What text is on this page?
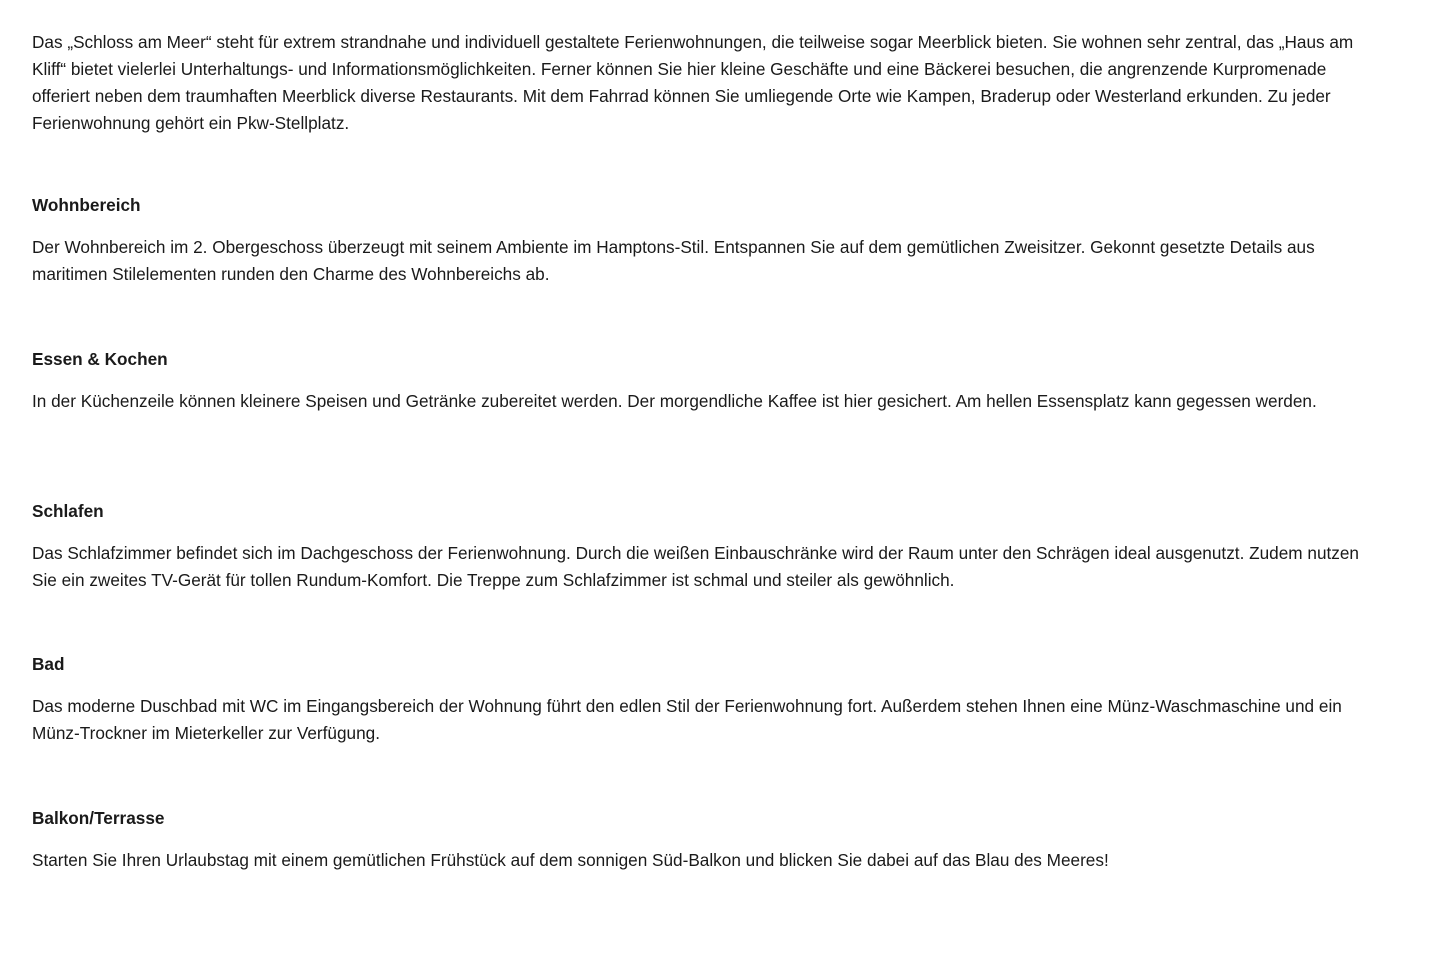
Das „Schloss am Meer“ steht für extrem strandnahe und individuell gestaltete Ferienwohnungen, die teilweise sogar Meerblick bieten. Sie wohnen sehr zentral, das „Haus am Kliff“ bietet vielerlei Unterhaltungs- und Informationsmöglichkeiten. Ferner können Sie hier kleine Geschäfte und eine Bäckerei besuchen, die angrenzende Kurpromenade offeriert neben dem traumhaften Meerblick diverse Restaurants. Mit dem Fahrrad können Sie umliegende Orte wie Kampen, Braderup oder Westerland erkunden. Zu jeder Ferienwohnung gehört ein Pkw-Stellplatz.

Wohnbereich

Der Wohnbereich im 2. Obergeschoss überzeugt mit seinem Ambiente im Hamptons-Stil. Entspannen Sie auf dem gemütlichen Zweisitzer. Gekonnt gesetzte Details aus maritimen Stilelementen runden den Charme des Wohnbereichs ab.

Essen & Kochen

In der Küchenzeile können kleinere Speisen und Getränke zubereitet werden. Der morgendliche Kaffee ist hier gesichert. Am hellen Essensplatz kann gegessen werden.

Schlafen

Das Schlafzimmer befindet sich im Dachgeschoss der Ferienwohnung. Durch die weißen Einbauschränke wird der Raum unter den Schrägen ideal ausgenutzt. Zudem nutzen Sie ein zweites TV-Gerät für tollen Rundum-Komfort. Die Treppe zum Schlafzimmer ist schmal und steiler als gewöhnlich.

Bad

Das moderne Duschbad mit WC im Eingangsbereich der Wohnung führt den edlen Stil der Ferienwohnung fort. Außerdem stehen Ihnen eine Münz-Waschmaschine und ein Münz-Trockner im Mieterkeller zur Verfügung.

Balkon/Terrasse

Starten Sie Ihren Urlaubstag mit einem gemütlichen Frühstück auf dem sonnigen Süd-Balkon und blicken Sie dabei auf das Blau des Meeres!
